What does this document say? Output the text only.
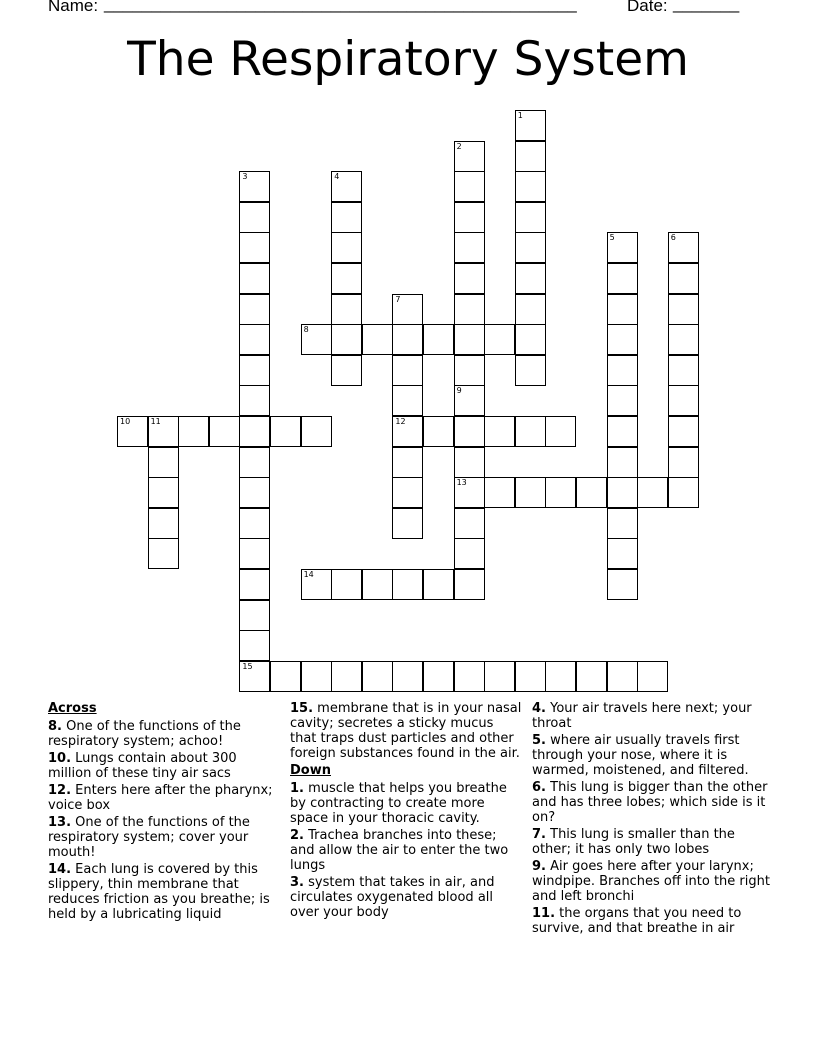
Name: __________________________________________________	Date: _______
The Respiratory System
1
2
3
15
4
5	6
7
12
8
9
13
10	11
14
Across
8. One of the functions of the respiratory system; achoo!
10. Lungs contain about 300 million of these tiny air sacs
12. Enters here after the pharynx; voice box
13. One of the functions of the respiratory system; cover your mouth!
14. Each lung is covered by this slippery, thin membrane that reduces friction as you breathe; is held by a lubricating liquid
15. membrane that is in your nasal cavity; secretes a sticky mucus that traps dust particles and other foreign substances found in the air.
Down
1. muscle that helps you breathe by contracting to create more space in your thoracic cavity.
2. Trachea branches into these; and allow the air to enter the two lungs
3. system that takes in air, and circulates oxygenated blood all over your body
4. Your air travels here next; your throat
5. where air usually travels first through your nose, where it is warmed, moistened, and filtered.
6. This lung is bigger than the other and has three lobes; which side is it on?
7. This lung is smaller than the other; it has only two lobes
9. Air goes here after your larynx; windpipe. Branches off into the right and left bronchi
11. the organs that you need to survive, and that breathe in air
